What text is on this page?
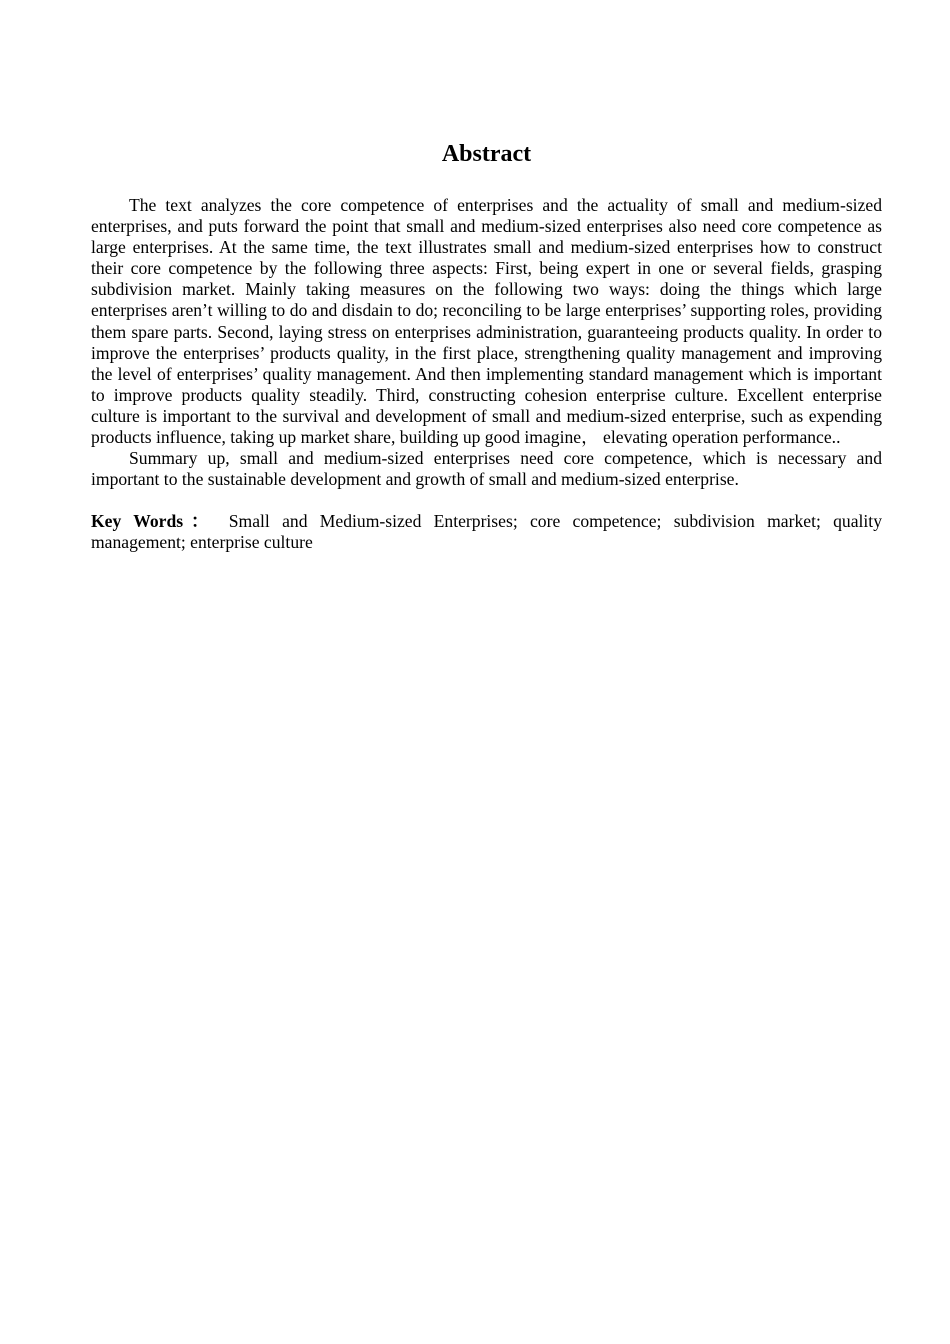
Abstract

The text analyzes the core competence of enterprises and the actuality of small and medium-sized enterprises, and puts forward the point that small and medium-sized enterprises also need core competence as large enterprises. At the same time, the text illustrates small and medium-sized enterprises how to construct their core competence by the following three aspects: First, being expert in one or several fields, grasping subdivision market. Mainly taking measures on the following two ways: doing the things which large enterprises aren’t willing to do and disdain to do; reconciling to be large enterprises’ supporting roles, providing them spare parts. Second, laying stress on enterprises administration, guaranteeing products quality. In order to improve the enterprises’ products quality, in the first place, strengthening quality management and improving the level of enterprises’ quality management. And then implementing standard management which is important to improve products quality steadily. Third, constructing cohesion enterprise culture. Excellent enterprise culture is important to the survival and development of small and medium-sized enterprise, such as expending products influence, taking up market share, building up good imagine， elevating operation performance..

Summary up, small and medium-sized enterprises need core competence, which is necessary and important to the sustainable development and growth of small and medium-sized enterprise.

Key Words： Small and Medium-sized Enterprises; core competence; subdivision market; quality management; enterprise culture
